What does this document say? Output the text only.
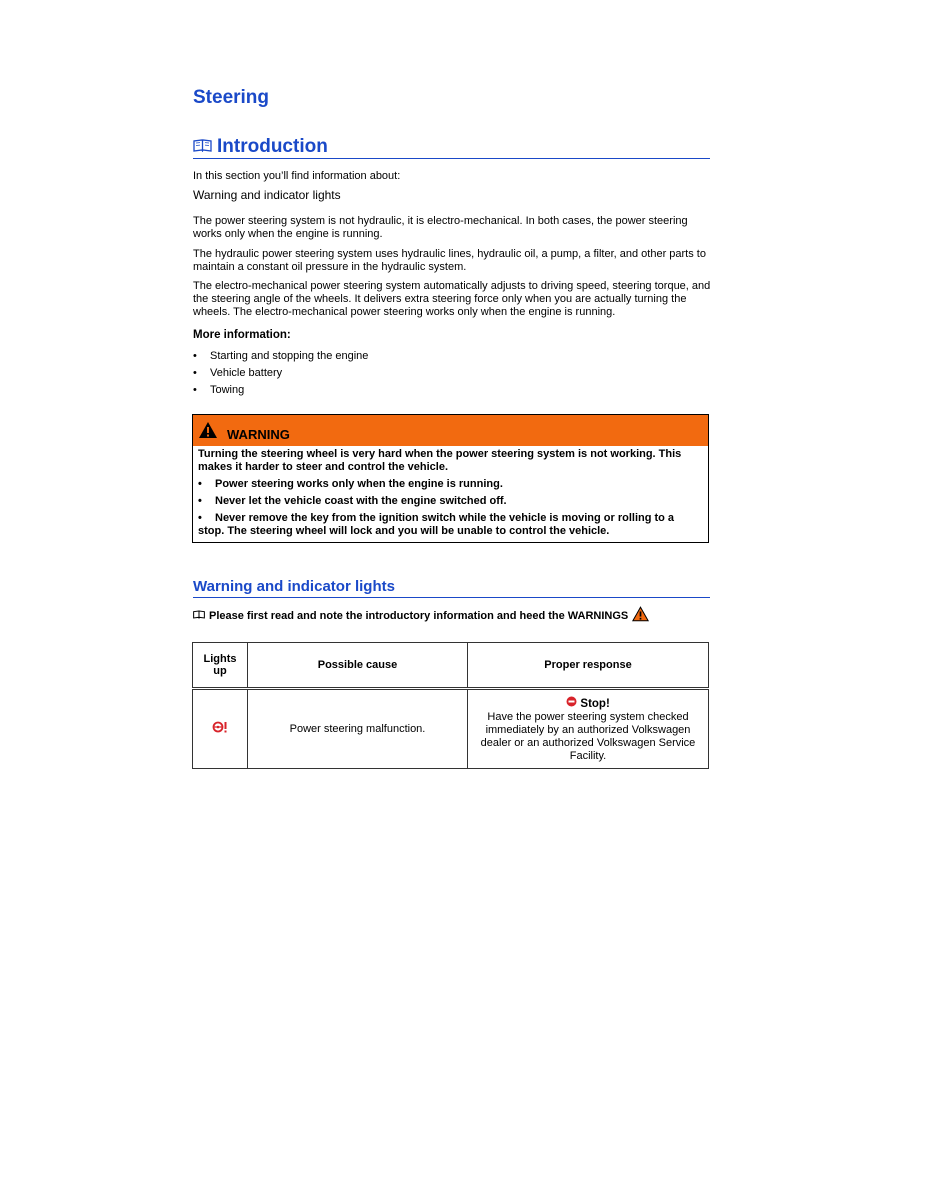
Steering
Introduction

In this section you’ll find information about:

Warning and indicator lights

The power steering system is not hydraulic, it is electro-mechanical. In both cases, the power steering works only when the engine is running.

The hydraulic power steering system uses hydraulic lines, hydraulic oil, a pump, a filter, and other parts to maintain a constant oil pressure in the hydraulic system.

The electro-mechanical power steering system automatically adjusts to driving speed, steering torque, and the steering angle of the wheels. It delivers extra steering force only when you are actually turning the wheels. The electro-mechanical power steering works only when the engine is running.

More information:

• Starting and stopping the engine
• Vehicle battery
• Towing
WARNING

Turning the steering wheel is very hard when the power steering system is not working. This makes it harder to steer and control the vehicle.

• Power steering works only when the engine is running.
• Never let the vehicle coast with the engine switched off.
• Never remove the key from the ignition switch while the vehicle is moving or rolling to a stop. The steering wheel will lock and you will be unable to control the vehicle.
Warning and indicator lights
Please first read and note the introductory information and heed the WARNINGS
Lights up	Possible cause	Proper response
	Power steering malfunction.	Stop!
Have the power steering system checked immediately by an authorized Volkswagen dealer or an authorized Volkswagen Service Facility.
